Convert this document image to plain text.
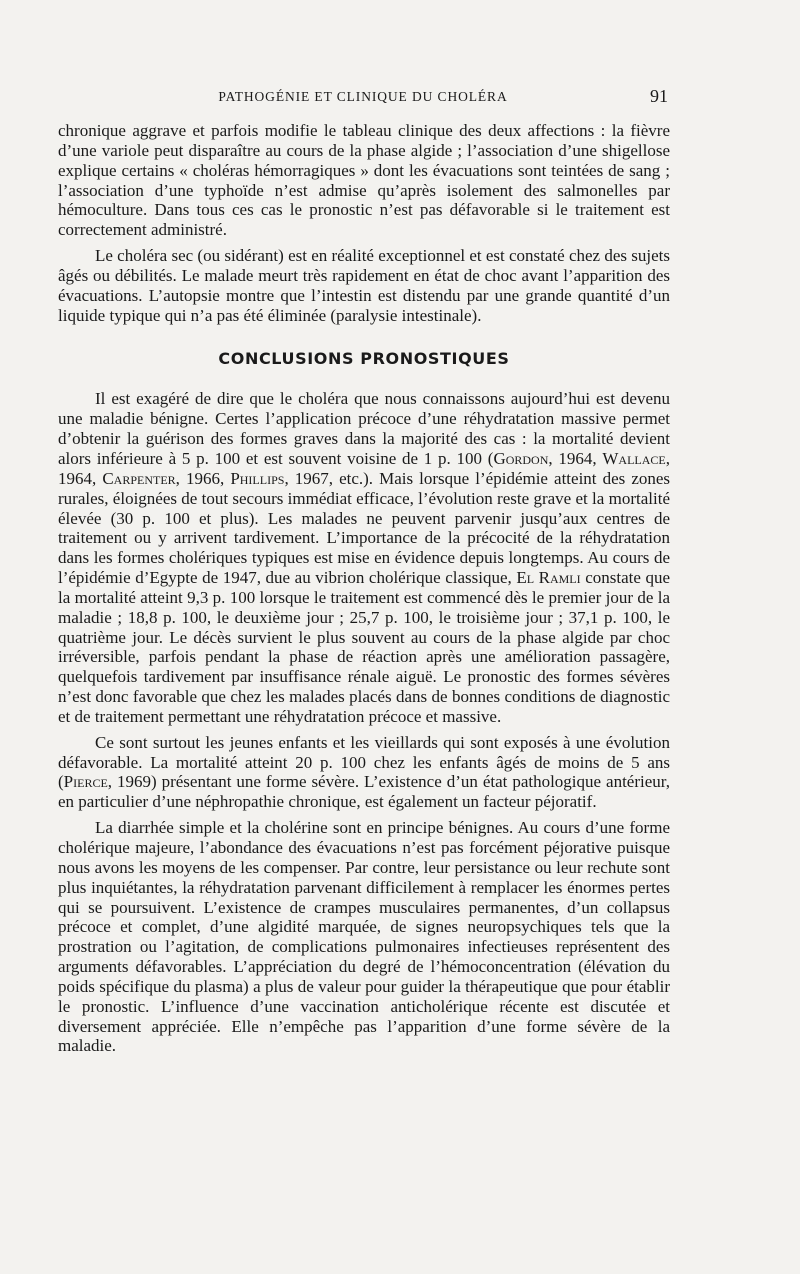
PATHOGÉNIE ET CLINIQUE DU CHOLÉRA	91

chronique aggrave et parfois modifie le tableau clinique des deux affections : la fièvre d’une variole peut disparaître au cours de la phase algide ; l’association d’une shigellose explique certains « choléras hémorragiques » dont les évacuations sont teintées de sang ; l’association d’une typhoïde n’est admise qu’après isolement des salmonelles par hémoculture. Dans tous ces cas le pronostic n’est pas défavorable si le traitement est correctement administré.

Le choléra sec (ou sidérant) est en réalité exceptionnel et est constaté chez des sujets âgés ou débilités. Le malade meurt très rapidement en état de choc avant l’apparition des évacuations. L’autopsie montre que l’intestin est distendu par une grande quantité d’un liquide typique qui n’a pas été éliminée (paralysie intestinale).

CONCLUSIONS PRONOSTIQUES

Il est exagéré de dire que le choléra que nous connaissons aujourd’hui est devenu une maladie bénigne. Certes l’application précoce d’une réhydratation massive permet d’obtenir la guérison des formes graves dans la majorité des cas : la mortalité devient alors inférieure à 5 p. 100 et est souvent voisine de 1 p. 100 (Gordon, 1964, Wallace, 1964, Carpenter, 1966, Phillips, 1967, etc.). Mais lorsque l’épidémie atteint des zones rurales, éloignées de tout secours immédiat efficace, l’évolution reste grave et la mortalité élevée (30 p. 100 et plus). Les malades ne peuvent parvenir jusqu’aux centres de traitement ou y arrivent tardivement. L’importance de la précocité de la réhydratation dans les formes cholériques typiques est mise en évidence depuis longtemps. Au cours de l’épidémie d’Egypte de 1947, due au vibrion cholérique classique, El Ramli constate que la mortalité atteint 9,3 p. 100 lorsque le traitement est commencé dès le premier jour de la maladie ; 18,8 p. 100, le deuxième jour ; 25,7 p. 100, le troisième jour ; 37,1 p. 100, le quatrième jour. Le décès survient le plus souvent au cours de la phase algide par choc irréversible, parfois pendant la phase de réaction après une amélioration passagère, quelquefois tardivement par insuffisance rénale aiguë. Le pronostic des formes sévères n’est donc favorable que chez les malades placés dans de bonnes conditions de diagnostic et de traitement permettant une réhydratation précoce et massive.

Ce sont surtout les jeunes enfants et les vieillards qui sont exposés à une évolution défavorable. La mortalité atteint 20 p. 100 chez les enfants âgés de moins de 5 ans (Pierce, 1969) présentant une forme sévère. L’existence d’un état pathologique antérieur, en particulier d’une néphropathie chronique, est également un facteur péjoratif.

La diarrhée simple et la cholérine sont en principe bénignes. Au cours d’une forme cholérique majeure, l’abondance des évacuations n’est pas forcément péjorative puisque nous avons les moyens de les compenser. Par contre, leur persistance ou leur rechute sont plus inquiétantes, la réhydratation parvenant difficilement à remplacer les énormes pertes qui se poursuivent. L’existence de crampes musculaires permanentes, d’un collapsus précoce et complet, d’une algidité marquée, de signes neuropsychiques tels que la prostration ou l’agitation, de complications pulmonaires infectieuses représentent des arguments défavorables. L’appréciation du degré de l’hémoconcentration (élévation du poids spécifique du plasma) a plus de valeur pour guider la thérapeutique que pour établir le pronostic. L’influence d’une vaccination anticholérique récente est discutée et diversement appréciée. Elle n’empêche pas l’apparition d’une forme sévère de la maladie.
